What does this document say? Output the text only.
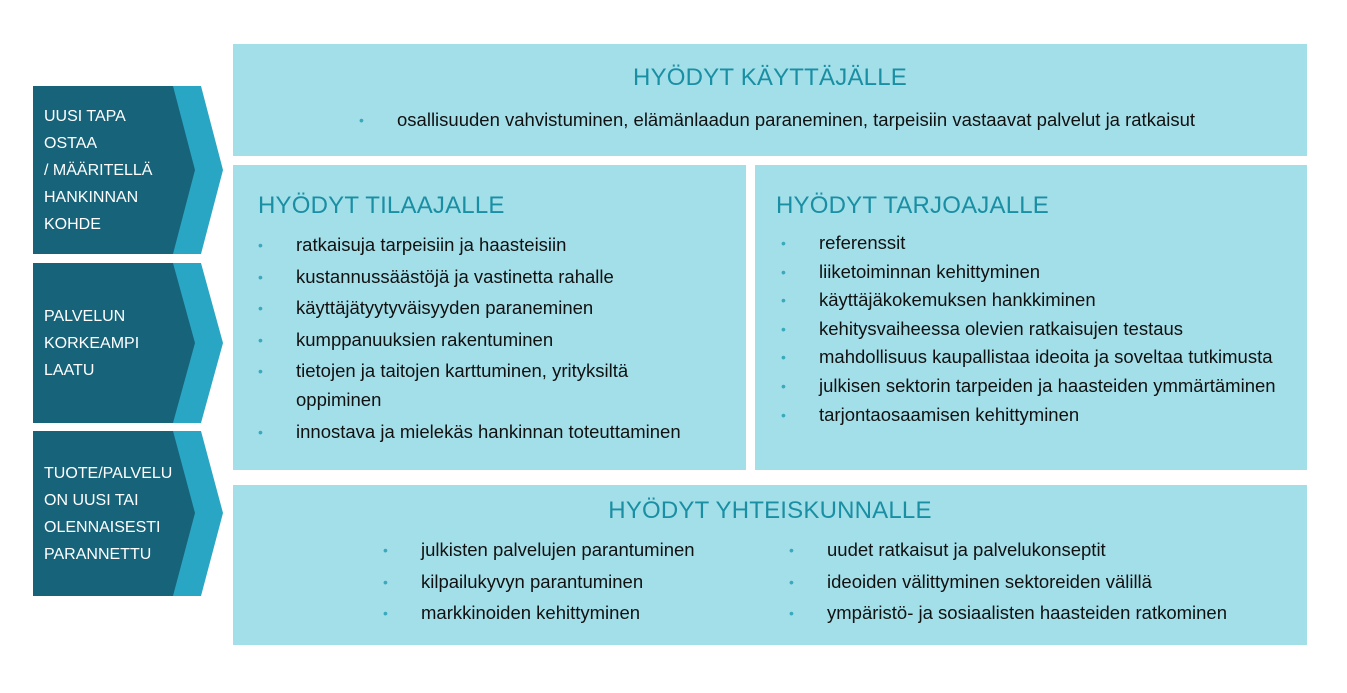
UUSI TAPA
OSTAA
/ MÄÄRITELLÄ
HANKINNAN
KOHDE
PALVELUN
KORKEAMPI
LAATU
TUOTE/PALVELU
ON UUSI TAI
OLENNAISESTI
PARANNETTU
HYÖDYT KÄYTTÄJÄLLE
• osallisuuden vahvistuminen, elämänlaadun paraneminen, tarpeisiin vastaavat palvelut ja ratkaisut
HYÖDYT TILAAJALLE
• ratkaisuja tarpeisiin ja haasteisiin
• kustannussäästöjä ja vastinetta rahalle
• käyttäjätyytyväisyyden paraneminen
• kumppanuuksien rakentuminen
• tietojen ja taitojen karttuminen, yrityksiltä oppiminen
• innostava ja mielekäs hankinnan toteuttaminen
HYÖDYT TARJOAJALLE
• referenssit
• liiketoiminnan kehittyminen
• käyttäjäkokemuksen hankkiminen
• kehitysvaiheessa olevien ratkaisujen testaus
• mahdollisuus kaupallistaa ideoita ja soveltaa tutkimusta
• julkisen sektorin tarpeiden ja haasteiden ymmärtäminen
• tarjontaosaamisen kehittyminen
HYÖDYT YHTEISKUNNALLE
• julkisten palvelujen parantuminen
• kilpailukyvyn parantuminen
• markkinoiden kehittyminen
• uudet ratkaisut ja palvelukonseptit
• ideoiden välittyminen sektoreiden välillä
• ympäristö- ja sosiaalisten haasteiden ratkominen
